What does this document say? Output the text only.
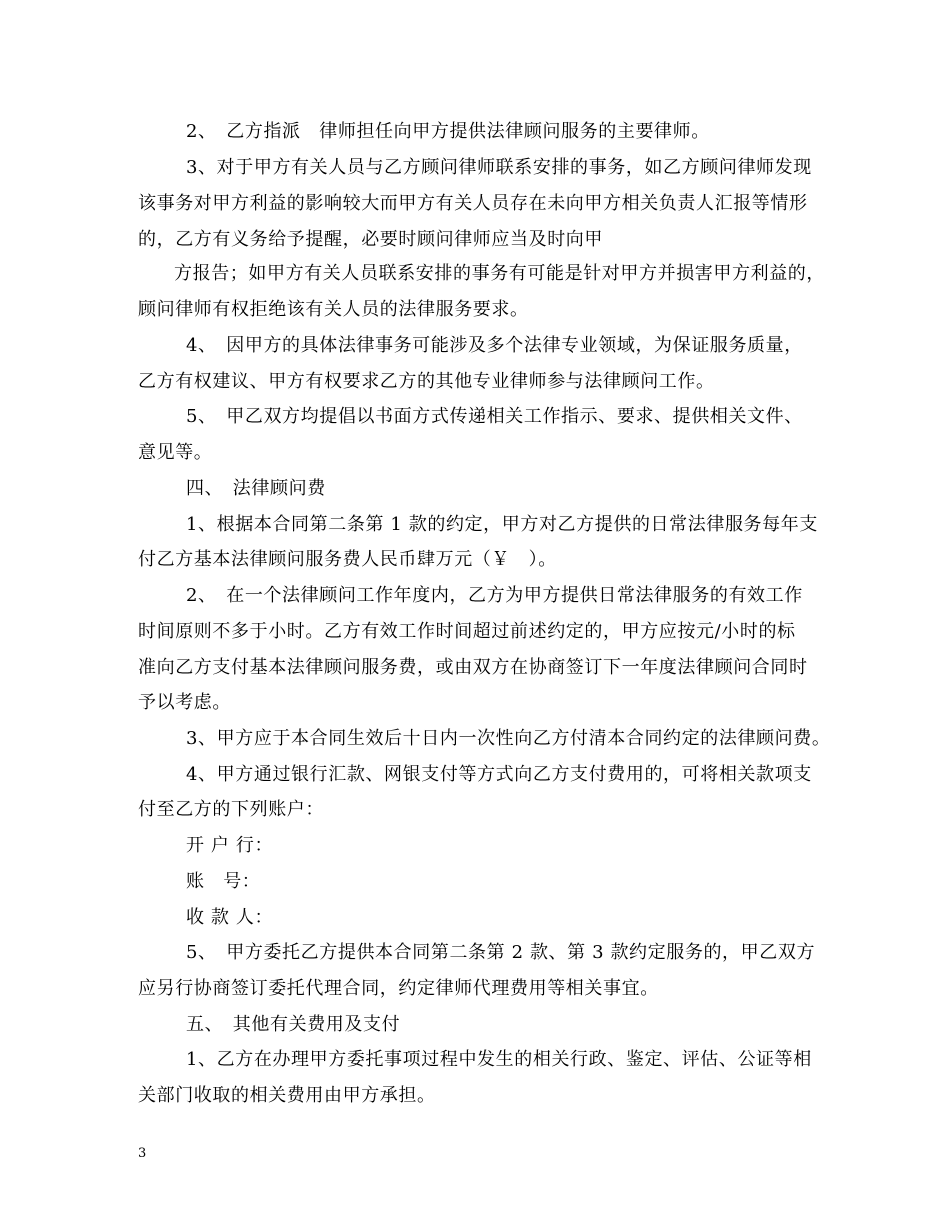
2、　乙方指派　律师担任向甲方提供法律顾问服务的主要律师。
3、对于甲方有关人员与乙方顾问律师联系安排的事务，如乙方顾问律师发现
该事务对甲方利益的影响较大而甲方有关人员存在未向甲方相关负责人汇报等情形
的，乙方有义务给予提醒，必要时顾问律师应当及时向甲
方报告；如甲方有关人员联系安排的事务有可能是针对甲方并损害甲方利益的，
顾问律师有权拒绝该有关人员的法律服务要求。
4、　因甲方的具体法律事务可能涉及多个法律专业领域，为保证服务质量，
乙方有权建议、甲方有权要求乙方的其他专业律师参与法律顾问工作。
5、　甲乙双方均提倡以书面方式传递相关工作指示、要求、提供相关文件、
意见等。
四、　法律顾问费
1、根据本合同第二条第 1 款的约定，甲方对乙方提供的日常法律服务每年支
付乙方基本法律顾问服务费人民币肆万元（￥　）。
2、　在一个法律顾问工作年度内，乙方为甲方提供日常法律服务的有效工作
时间原则不多于小时。乙方有效工作时间超过前述约定的，甲方应按元/小时的标
准向乙方支付基本法律顾问服务费，或由双方在协商签订下一年度法律顾问合同时
予以考虑。
3、甲方应于本合同生效后十日内一次性向乙方付清本合同约定的法律顾问费。
4、甲方通过银行汇款、网银支付等方式向乙方支付费用的，可将相关款项支
付至乙方的下列账户：
开 户 行：
账　号：
收 款 人：
5、　甲方委托乙方提供本合同第二条第 2 款、第 3 款约定服务的，甲乙双方
应另行协商签订委托代理合同，约定律师代理费用等相关事宜。
五、　其他有关费用及支付
1、乙方在办理甲方委托事项过程中发生的相关行政、鉴定、评估、公证等相
关部门收取的相关费用由甲方承担。
3
